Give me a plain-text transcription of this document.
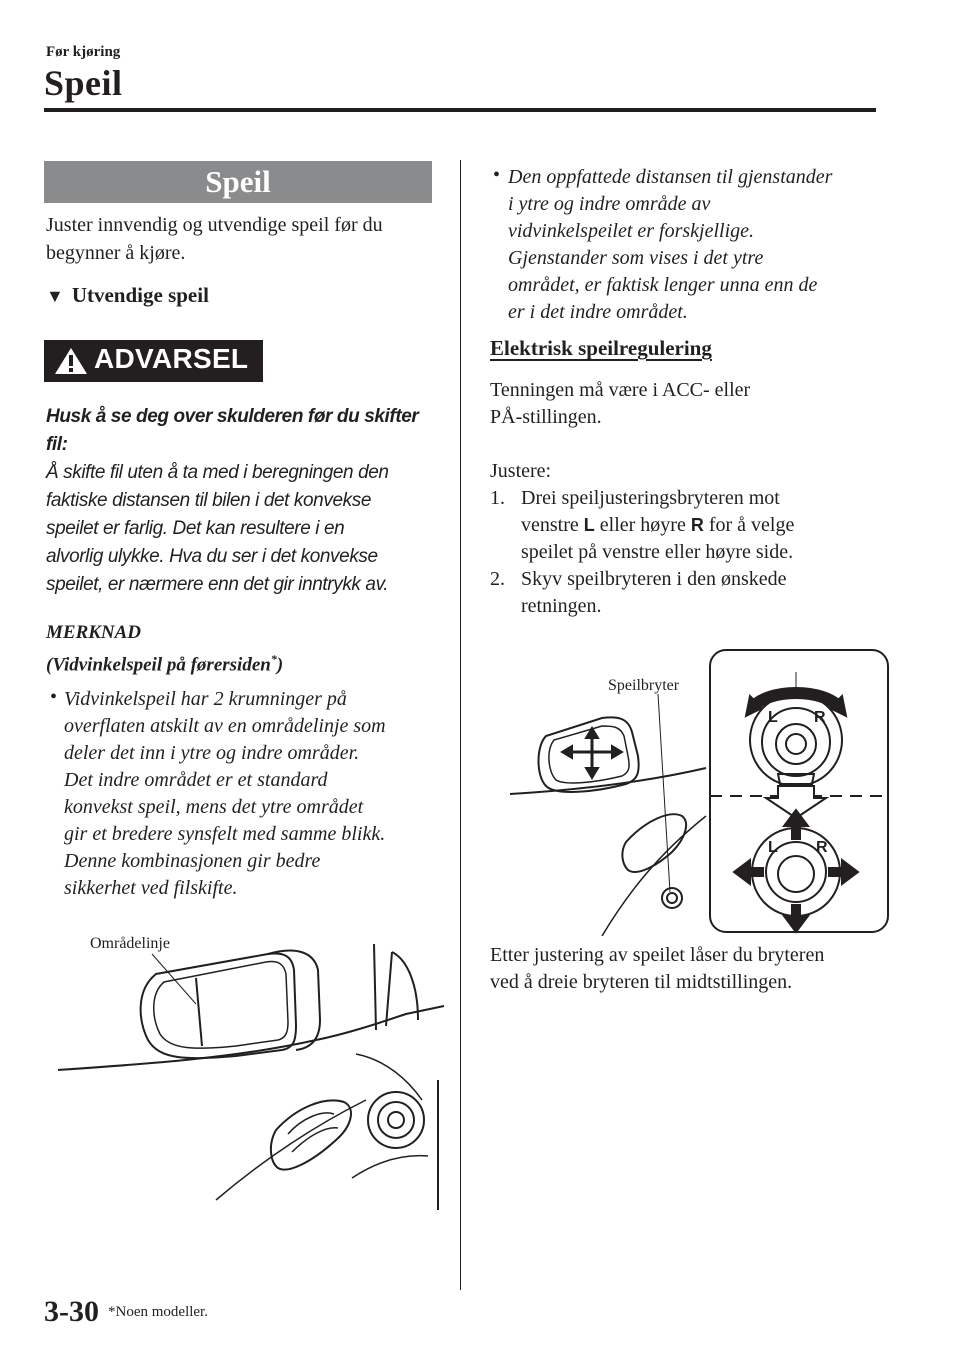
Før kjøring
Speil
Speil
Juster innvendig og utvendige speil før du
begynner å kjøre.
▼ Utvendige speil
ADVARSEL
Husk å se deg over skulderen før du skifter
fil:
Å skifte fil uten å ta med i beregningen den
faktiske distansen til bilen i det konvekse
speilet er farlig. Det kan resultere i en
alvorlig ulykke. Hva du ser i det konvekse
speilet, er nærmere enn det gir inntrykk av.
MERKNAD
(Vidvinkelspeil på førersiden*)
• Vidvinkelspeil har 2 krumninger på
overflaten atskilt av en områdelinje som
deler det inn i ytre og indre områder.
Det indre området er et standard
konvekst speil, mens det ytre området
gir et bredere synsfelt med samme blikk.
Denne kombinasjonen gir bedre
sikkerhet ved filskifte.
Områdelinje
• Den oppfattede distansen til gjenstander
i ytre og indre område av
vidvinkelspeilet er forskjellige.
Gjenstander som vises i det ytre
området, er faktisk lenger unna enn de
er i det indre området.
Elektrisk speilregulering
Tenningen må være i ACC- eller
PÅ-stillingen.
Justere:
1. Drei speiljusteringsbryteren mot
venstre L eller høyre R for å velge
speilet på venstre eller høyre side.
2. Skyv speilbryteren i den ønskede
retningen.
Speilbryter
L R
L R
Etter justering av speilet låser du bryteren
ved å dreie bryteren til midtstillingen.
3-30 *Noen modeller.
